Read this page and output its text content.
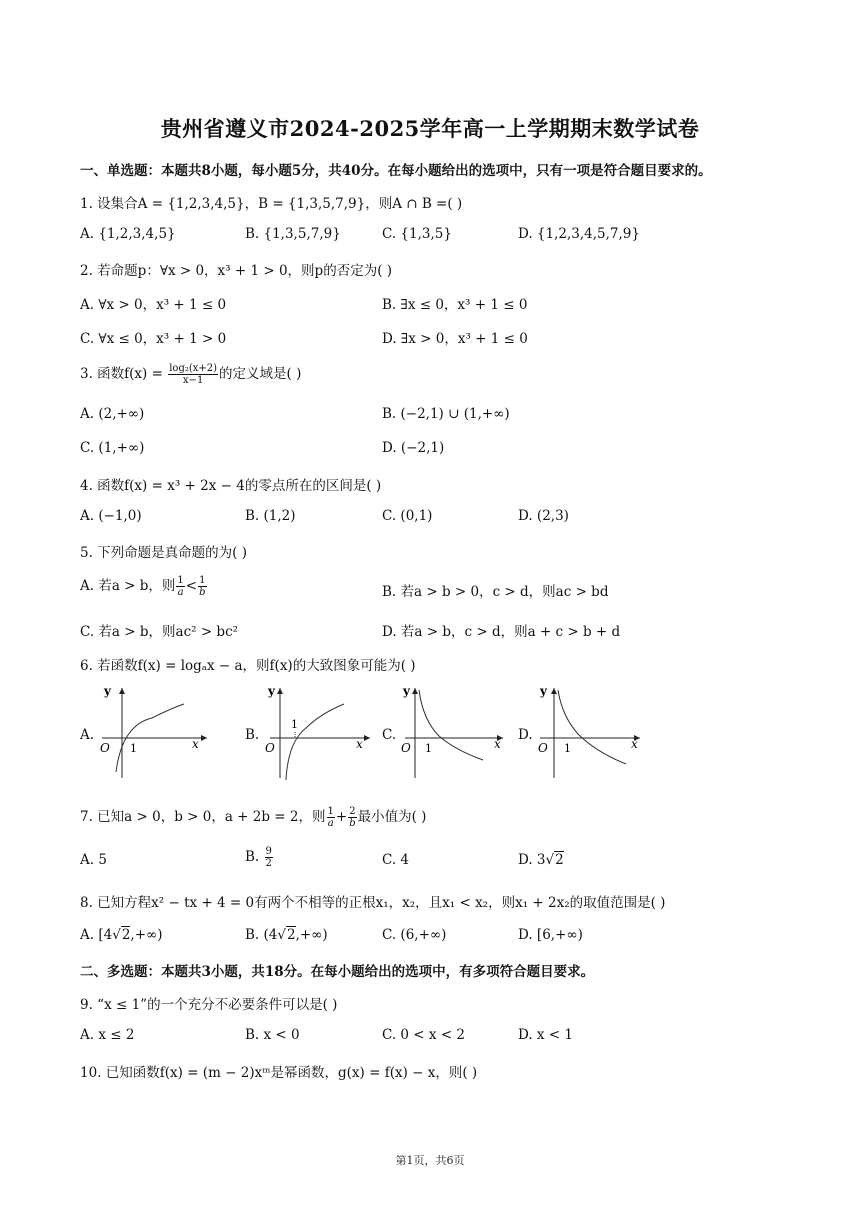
贵州省遵义市2024-2025学年高一上学期期末数学试卷
一、单选题：本题共8小题，每小题5分，共40分。在每小题给出的选项中，只有一项是符合题目要求的。
1. 设集合A = {1,2,3,4,5}，B = {1,3,5,7,9}，则A ∩ B =( )
A. {1,2,3,4,5}	B. {1,3,5,7,9}	C. {1,3,5}	D. {1,2,3,4,5,7,9}
2. 若命题p：∀x > 0，x³ + 1 > 0，则p的否定为( )
A. ∀x > 0，x³ + 1 ≤ 0	B. ∃x ≤ 0，x³ + 1 ≤ 0
C. ∀x ≤ 0，x³ + 1 > 0	D. ∃x > 0，x³ + 1 ≤ 0
3. 函数$f(x) = \frac{\text{log₂(x+2)}}{x-1}$ 的定义域是( )
A. (2,+∞)	B. (−2,1) ∪ (1,+∞)
C. (1,+∞)	D. (−2,1)
4. 函数f(x) = x³ + 2x − 4的零点所在的区间是( )
A. (−1,0)	B. (1,2)	C. (0,1)	D. (2,3)
5. 下列命题是真命题的为( )
A. 若a > b，则 $\frac{1}{a} < \frac{1}{b}$	B. 若a > b > 0，c > d，则ac > bd
C. 若a > b，则ac² > bc²	D. 若a > b，c > d，则a + c > b + d
6. 若函数f(x) = logₐx − a，则f(x)的大致图象可能为( )
A.
y
x
O 1
B.
y
x
O
1
C.
y
x
O 1
D.
y
x
O 1
7. 已知a > 0，b > 0，a + 2b = 2，则 $\frac{1}{a} + \frac{2}{b}$ 最小值为( )
A. 5	B. $\frac{9}{2}$	C. 4	D. 3√2
8. 已知方程x² − tx + 4 = 0有两个不相等的正根x₁，x₂，且x₁ < x₂，则x₁ + 2x₂的取值范围是( )
A. [4√2,+∞)	B. (4√2,+∞)	C. (6,+∞)	D. [6,+∞)
二、多选题：本题共3小题，共18分。在每小题给出的选项中，有多项符合题目要求。
9. “x ≤ 1”的一个充分不必要条件可以是( )
A. x ≤ 2	B. x < 0	C. 0 < x < 2	D. x < 1
10. 已知函数f(x) = (m − 2)xᵐ是幂函数，g(x) = f(x) − x，则( )
第1页，共6页
